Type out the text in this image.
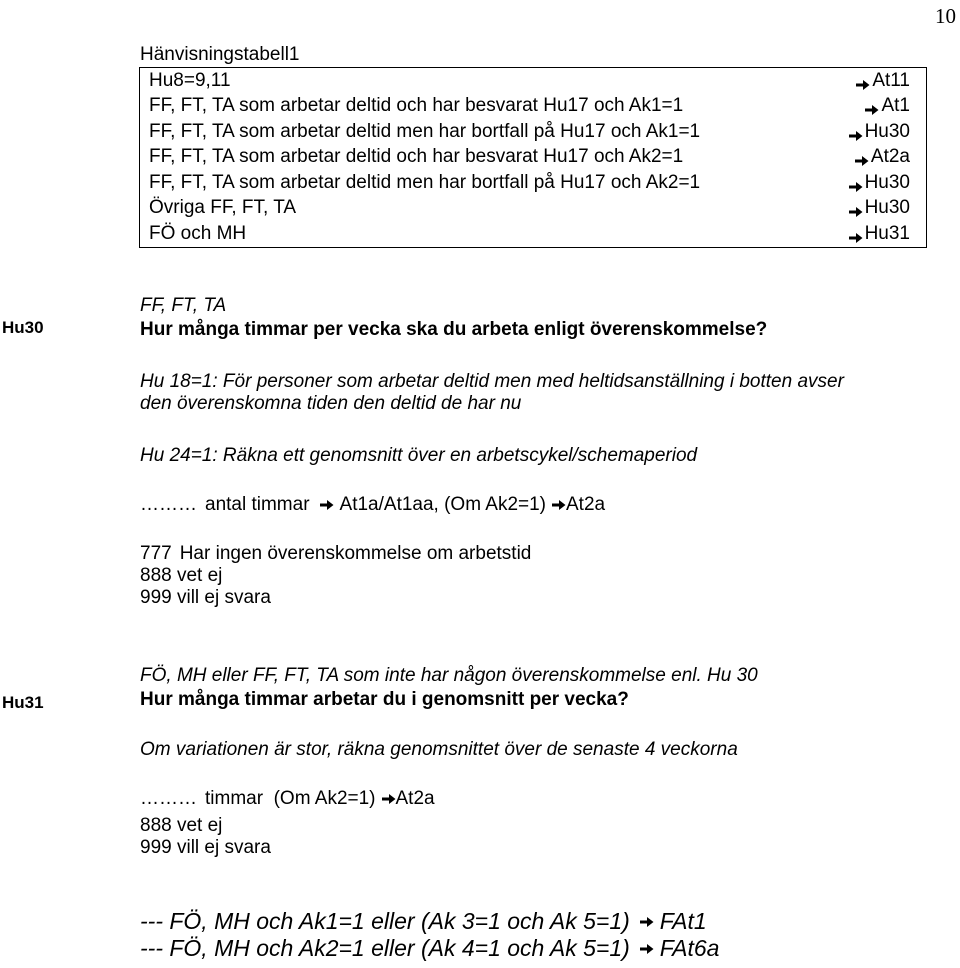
10
Hänvisningstabell1
Hu8=9,11	At11
FF, FT, TA som arbetar deltid och har besvarat Hu17 och Ak1=1	At1
FF, FT, TA som arbetar deltid men har bortfall på Hu17 och Ak1=1	Hu30
FF, FT, TA som arbetar deltid och har besvarat Hu17 och Ak2=1	At2a
FF, FT, TA som arbetar deltid men har bortfall på Hu17 och Ak2=1	Hu30
Övriga FF, FT, TA	Hu30
FÖ och MH	Hu31
Hu30
FF, FT, TA
Hur många timmar per vecka ska du arbeta enligt överenskommelse?
Hu 18=1: För personer som arbetar deltid men med heltidsanställning i botten avser
den överenskomna tiden den deltid de har nu
Hu 24=1: Räkna ett genomsnitt över en arbetscykel/schemaperiod
……… antal timmar At1a/At1aa, (Om Ak2=1) At2a
777 Har ingen överenskommelse om arbetstid
888 vet ej
999 vill ej svara
Hu31
FÖ, MH eller FF, FT, TA som inte har någon överenskommelse enl. Hu 30
Hur många timmar arbetar du i genomsnitt per vecka?
Om variationen är stor, räkna genomsnittet över de senaste 4 veckorna
……… timmar  (Om Ak2=1) At2a
888 vet ej
999 vill ej svara
--- FÖ, MH och Ak1=1 eller (Ak 3=1 och Ak 5=1) FAt1
--- FÖ, MH och Ak2=1 eller (Ak 4=1 och Ak 5=1) FAt6a
